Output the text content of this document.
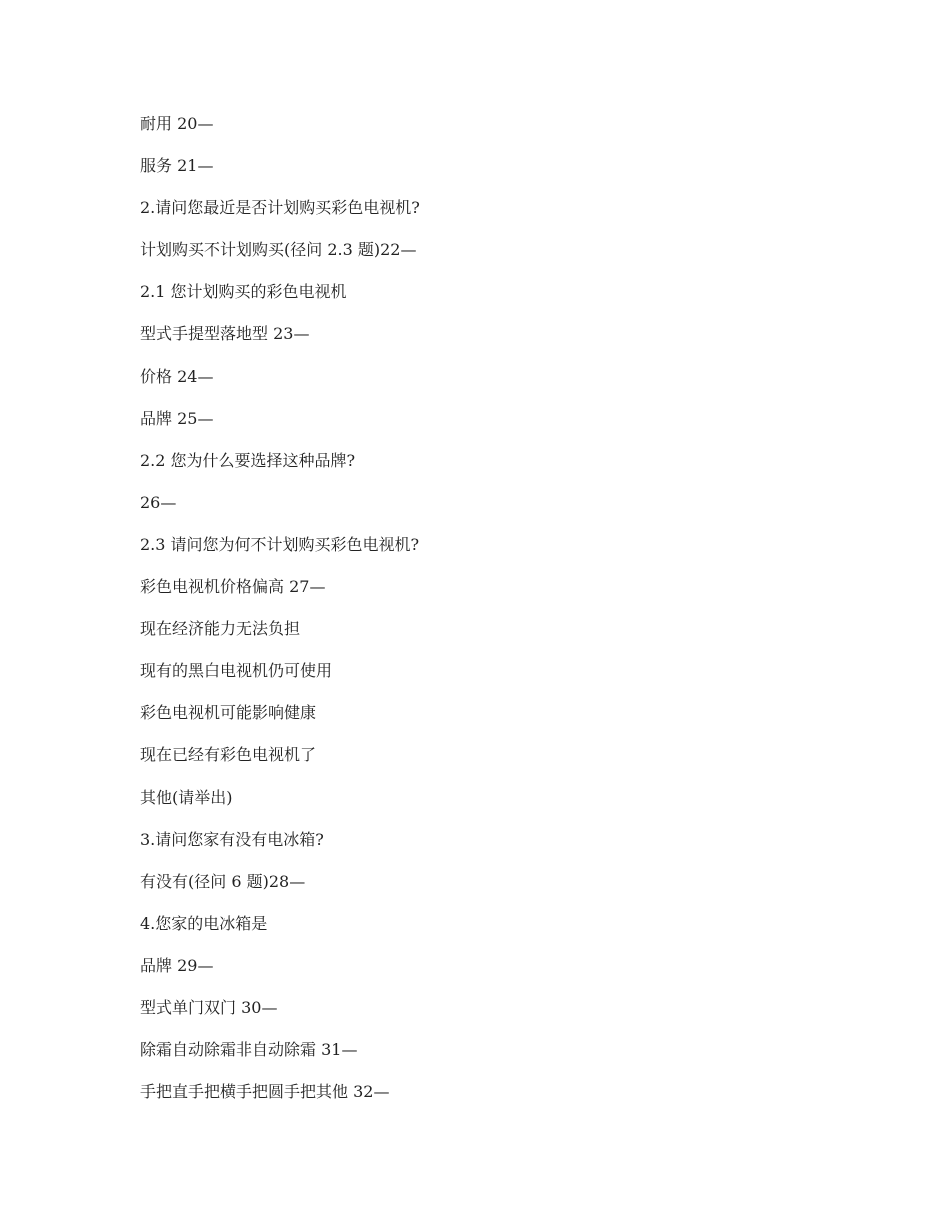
耐用 20—
服务 21—
2.请问您最近是否计划购买彩色电视机?
计划购买不计划购买(径问 2.3 题)22—
2.1 您计划购买的彩色电视机
型式手提型落地型 23—
价格 24—
品牌 25—
2.2 您为什么要选择这种品牌?
26—
2.3 请问您为何不计划购买彩色电视机?
彩色电视机价格偏高 27—
现在经济能力无法负担
现有的黑白电视机仍可使用
彩色电视机可能影响健康
现在已经有彩色电视机了
其他(请举出)
3.请问您家有没有电冰箱?
有没有(径问 6 题)28—
4.您家的电冰箱是
品牌 29—
型式单门双门 30—
除霜自动除霜非自动除霜 31—
手把直手把横手把圆手把其他 32—
